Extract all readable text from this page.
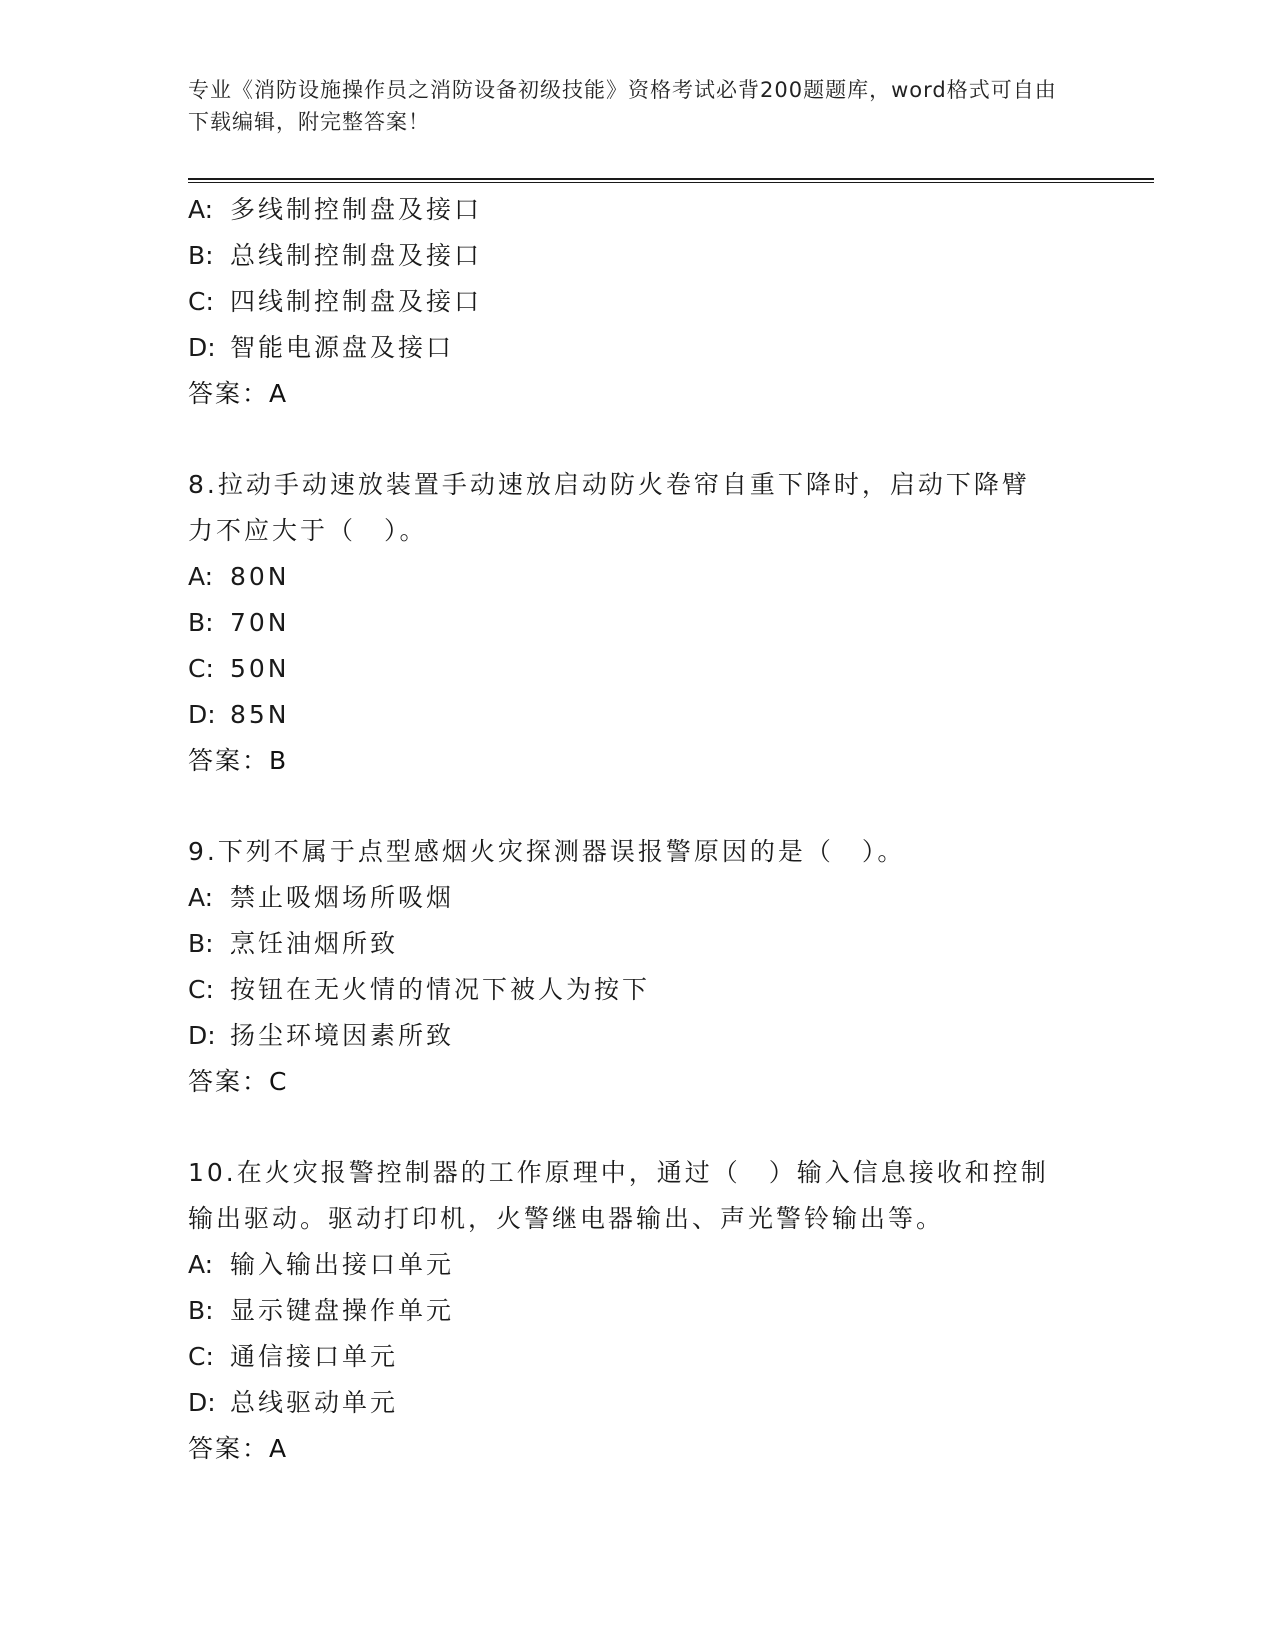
专业《消防设施操作员之消防设备初级技能》资格考试必背200题题库，word格式可自由下载编辑，附完整答案！
A: 多线制控制盘及接口
B: 总线制控制盘及接口
C: 四线制控制盘及接口
D: 智能电源盘及接口
答案：A
8.拉动手动速放装置手动速放启动防火卷帘自重下降时，启动下降臂
力不应大于（　）。
A: 80N
B: 70N
C: 50N
D: 85N
答案：B
9.下列不属于点型感烟火灾探测器误报警原因的是（　）。
A: 禁止吸烟场所吸烟
B: 烹饪油烟所致
C: 按钮在无火情的情况下被人为按下
D: 扬尘环境因素所致
答案：C
10.在火灾报警控制器的工作原理中，通过（　）输入信息接收和控制
输出驱动。驱动打印机，火警继电器输出、声光警铃输出等。
A: 输入输出接口单元
B: 显示键盘操作单元
C: 通信接口单元
D: 总线驱动单元
答案：A
